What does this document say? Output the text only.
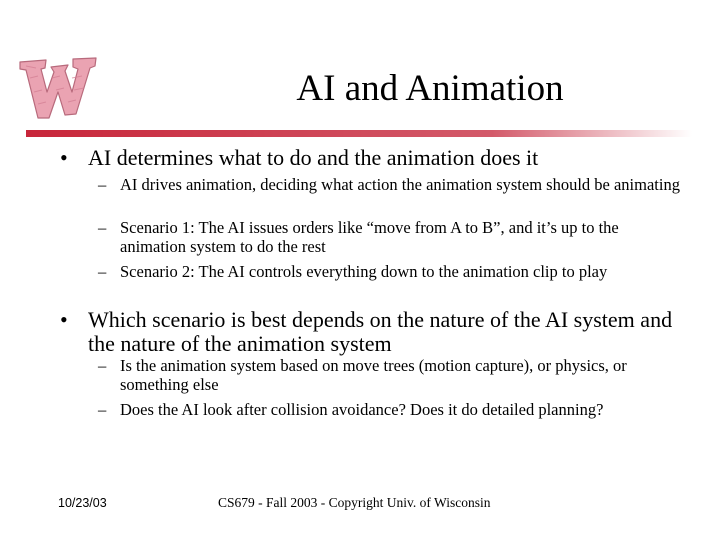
AI and Animation
• AI determines what to do and the animation does it
– AI drives animation, deciding what action the animation system should be animating
– Scenario 1: The AI issues orders like “move from A to B”, and it’s up to the animation system to do the rest
– Scenario 2: The AI controls everything down to the animation clip to play
• Which scenario is best depends on the nature of the AI system and the nature of the animation system
– Is the animation system based on move trees (motion capture), or physics, or something else
– Does the AI look after collision avoidance? Does it do detailed planning?
10/23/03	CS679 - Fall 2003 - Copyright Univ. of Wisconsin
